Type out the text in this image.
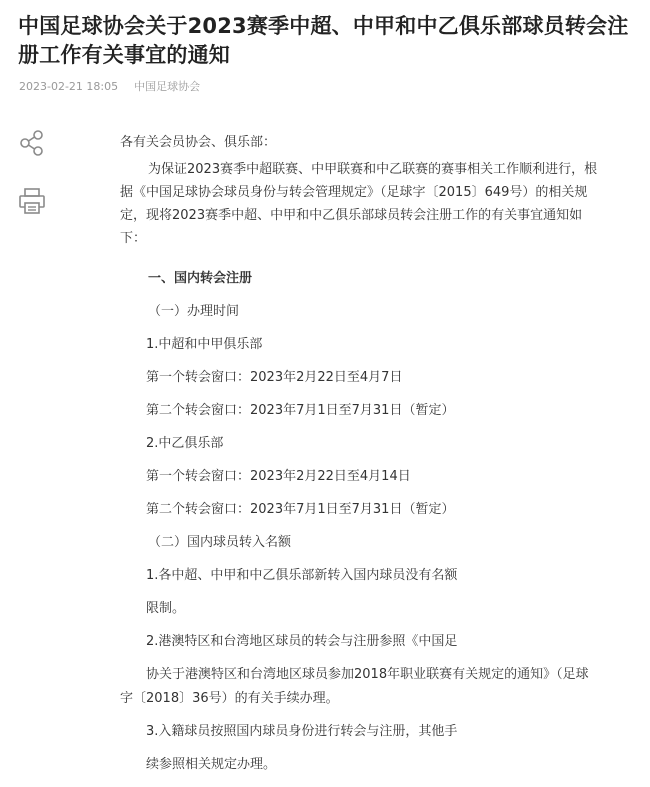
中国足球协会关于2023赛季中超、中甲和中乙俱乐部球员转会注册工作有关事宜的通知
2023-02-21 18:05 中国足球协会
各有关会员协会、俱乐部：
为保证2023赛季中超联赛、中甲联赛和中乙联赛的赛事相关工作顺利进行，根据《中国足球协会球员身份与转会管理规定》（足球字〔2015〕649号）的相关规定，现将2023赛季中超、中甲和中乙俱乐部球员转会注册工作的有关事宜通知如下：
一、国内转会注册
（一）办理时间
1.中超和中甲俱乐部
第一个转会窗口：2023年2月22日至4月7日
第二个转会窗口：2023年7月1日至7月31日（暂定）
2.中乙俱乐部
第一个转会窗口：2023年2月22日至4月14日
第二个转会窗口：2023年7月1日至7月31日（暂定）
（二）国内球员转入名额
1.各中超、中甲和中乙俱乐部新转入国内球员没有名额
限制。
2.港澳特区和台湾地区球员的转会与注册参照《中国足
协关于港澳特区和台湾地区球员参加2018年职业联赛有关规定的通知》（足球
字〔2018〕36号）的有关手续办理。
3.入籍球员按照国内球员身份进行转会与注册，其他手
续参照相关规定办理。
